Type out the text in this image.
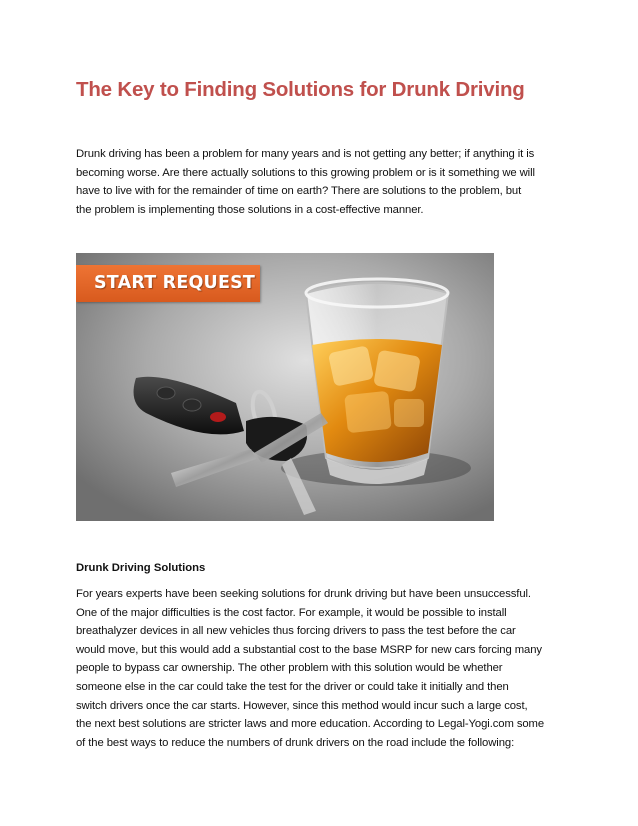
The Key to Finding Solutions for Drunk Driving

Drunk driving has been a problem for many years and is not getting any better; if anything it is
becoming worse. Are there actually solutions to this growing problem or is it something we will
have to live with for the remainder of time on earth? There are solutions to the problem, but
the problem is implementing those solutions in a cost-effective manner.

START REQUEST
Drunk Driving Solutions

For years experts have been seeking solutions for drunk driving but have been unsuccessful.
One of the major difficulties is the cost factor. For example, it would be possible to install
breathalyzer devices in all new vehicles thus forcing drivers to pass the test before the car
would move, but this would add a substantial cost to the base MSRP for new cars forcing many
people to bypass car ownership. The other problem with this solution would be whether
someone else in the car could take the test for the driver or could take it initially and then
switch drivers once the car starts. However, since this method would incur such a large cost,
the next best solutions are stricter laws and more education. According to Legal-Yogi.com some
of the best ways to reduce the numbers of drunk drivers on the road include the following:
